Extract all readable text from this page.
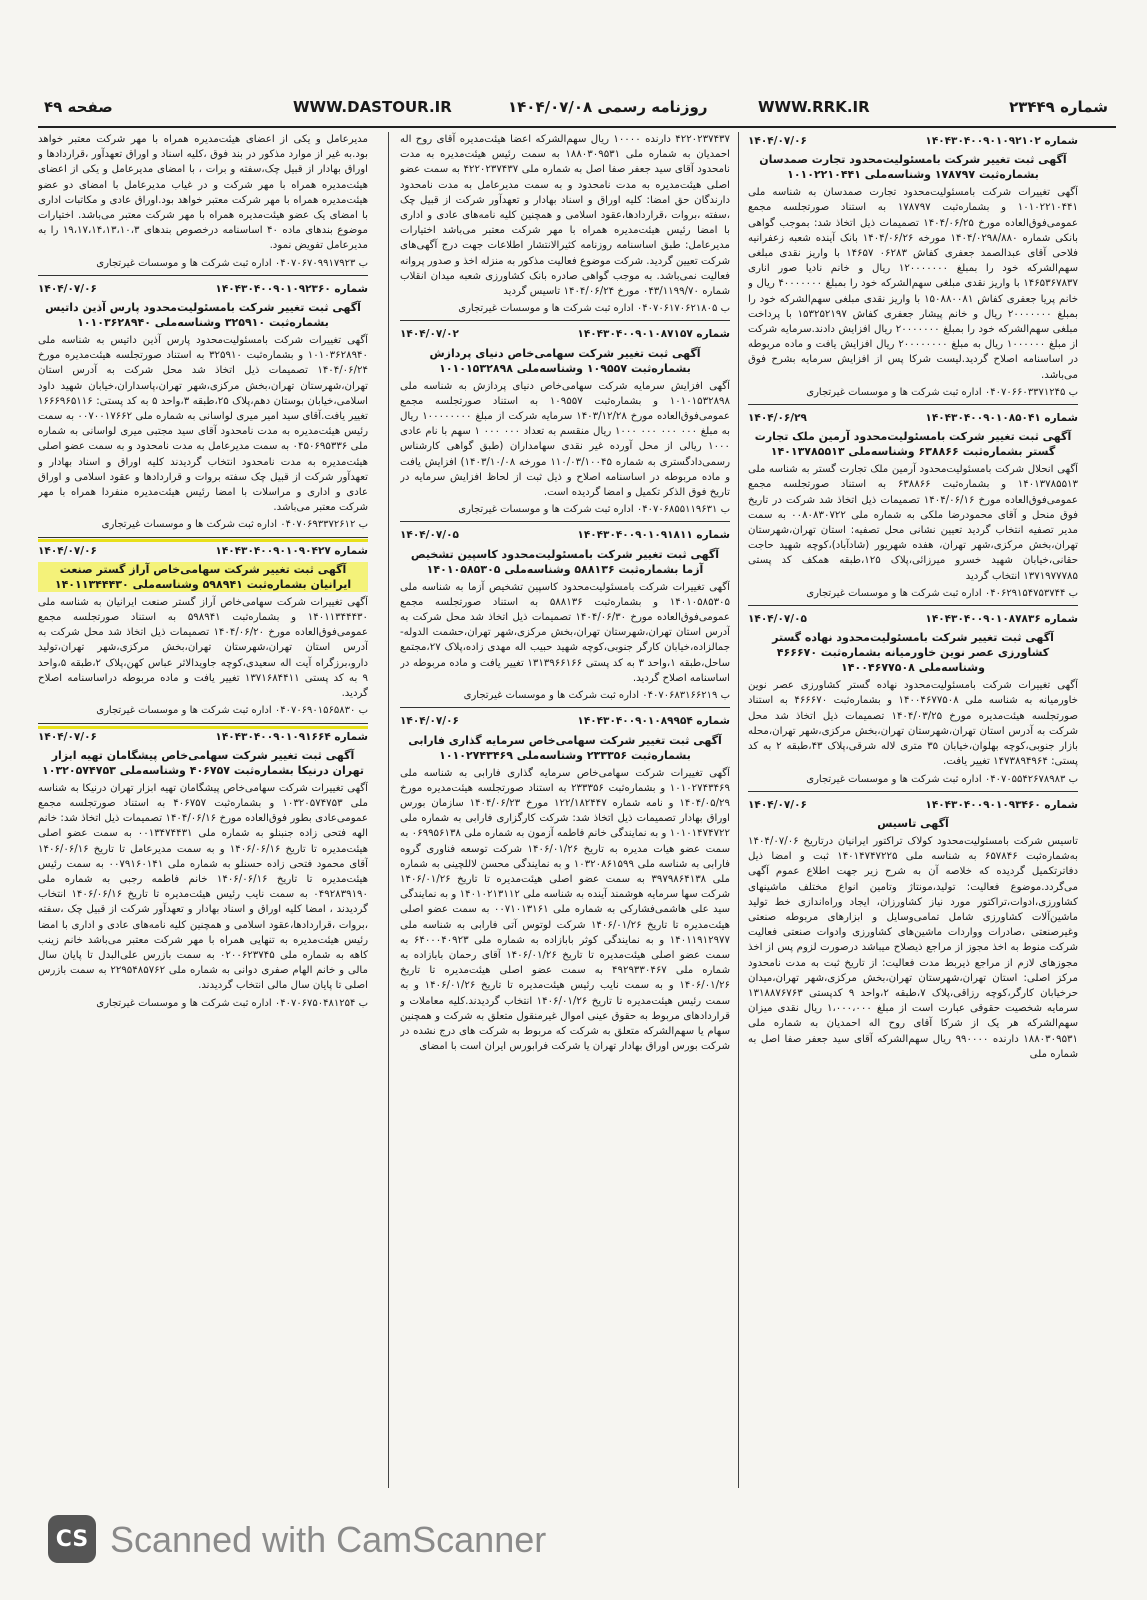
صفحه ۴۹	WWW.DASTOUR.IR	روزنامه رسمی ۱۴۰۴/۰۷/۰۸	WWW.RRK.IR	شماره ۲۳۴۴۹

مدیرعامل و یکی از اعضای هیئت‌مدیره همراه با مهر شرکت معتبر خواهد بود.به غیر از موارد مذکور در بند فوق ،کلیه اسناد و اوراق تعهدآور ،قراردادها و اوراق بهادار از قبیل چک،سفته و برات ، با امضای مدیرعامل و یکی از اعضای هیئت‌مدیره همراه با مهر شرکت و در غیاب مدیرعامل با امضای دو عضو هیئت‌مدیره همراه با مهر شرکت معتبر خواهد بود.اوراق عادی و مکاتبات اداری با امضای یک عضو هیئت‌مدیره همراه با مهر شرکت معتبر می‌باشد. اختیارات موضوع بندهای ماده ۴۰ اساسنامه درخصوص بندهای ۱۹،۱۷،۱۴،۱۳،۱۰،۳ را به مدیرعامل تفویض نمود.

ب ۰۴۰۷۰۶۷۰۹۹۱۷۹۲۳ اداره ثبت شرکت ها و موسسات غیرتجاری
شماره ۱۴۰۴۳۰۴۰۰۹۰۱۰۹۲۳۶۰
۱۴۰۴/۰۷/۰۶
آگهی ثبت تغییر شرکت بامسئولیت‌محدود پارس آذین داتیس بشماره‌ثبت ۳۲۵۹۱۰ وشناسه‌ملی ۱۰۱۰۳۶۲۸۹۴۰

آگهی تغییرات شرکت بامسئولیت‌محدود پارس آذین داتیس به شناسه ملی ۱۰۱۰۳۶۲۸۹۴۰ و بشماره‌ثبت ۳۲۵۹۱۰ به استناد صورتجلسه هیئت‌مدیره مورخ ۱۴۰۴/۰۶/۲۴ تصمیمات ذیل اتخاذ شد محل شرکت به آدرس استان تهران،شهرستان تهران،بخش مرکزی،شهر تهران،پاسداران،خیابان شهید داود اسلامی،خیابان بوستان دهم،پلاک ۲۵،طبقه ۳،واحد ۵ به کد پستی: ۱۶۶۶۹۶۵۱۱۶ تغییر یافت.آقای سید امیر میری لواسانی به شماره ملی ۰۰۷۰۰۱۷۶۶۲ به سمت رئیس هیئت‌مدیره به مدت نامحدود آقای سید مجتبی میری لواسانی به شماره ملی ۰۴۵۰۶۹۵۳۳۶ به سمت مدیرعامل به مدت نامحدود و به سمت عضو اصلی هیئت‌مدیره به مدت نامحدود انتخاب گردیدند کلیه اوراق و اسناد بهادار و تعهدآور شرکت از قبیل چک سفته بروات و قراردادها و عقود اسلامی و اوراق عادی و اداری و مراسلات با امضا رئیس هیئت‌مدیره منفردا همراه با مهر شرکت معتبر می‌باشد.

ب ۰۴۰۷۰۶۹۳۳۷۲۶۱۲ اداره ثبت شرکت ها و موسسات غیرتجاری
شماره ۱۴۰۴۳۰۴۰۰۹۰۱۰۹۰۴۲۷
۱۴۰۴/۰۷/۰۶
آگهی ثبت تغییر شرکت سهامی‌خاص آراز گستر صنعت ایرانیان بشماره‌ثبت ۵۹۸۹۴۱ وشناسه‌ملی ۱۴۰۱۱۳۴۴۴۳۰

آگهی تغییرات شرکت سهامی‌خاص آراز گستر صنعت ایرانیان به شناسه ملی ۱۴۰۱۱۳۴۴۴۳۰ و بشماره‌ثبت ۵۹۸۹۴۱ به استناد صورتجلسه مجمع عمومی‌فوق‌العاده مورخ ۱۴۰۴/۰۶/۲۰ تصمیمات ذیل اتخاذ شد محل شرکت به آدرس استان تهران،شهرستان تهران،بخش مرکزی،شهر تهران،تولید دارو،برزگراه آیت اله سعیدی،کوچه جاویدالاثر عباس کهن،پلاک ۲،طبقه ۵،واحد ۹ به کد پستی ۱۳۷۱۶۸۴۴۱۱ تغییر یافت و ماده مربوطه دراساسنامه اصلاح گردید.

ب ۰۴۰۷۰۶۹۰۱۵۶۵۸۳۰ اداره ثبت شرکت ها و موسسات غیرتجاری
شماره ۱۴۰۴۳۰۴۰۰۹۰۱۰۹۱۶۶۴
۱۴۰۴/۰۷/۰۶
آگهی ثبت تغییر شرکت سهامی‌خاص پیشگامان تهیه ابزار تهران درنیکا بشماره‌ثبت ۴۰۶۷۵۷ وشناسه‌ملی ۱۰۳۲۰۵۷۴۷۵۳

آگهی تغییرات شرکت سهامی‌خاص پیشگامان تهیه ابزار تهران درنیکا به شناسه ملی ۱۰۳۲۰۵۷۴۷۵۳ و بشماره‌ثبت ۴۰۶۷۵۷ به استناد صورتجلسه مجمع عمومی‌عادی بطور فوق‌العاده مورخ ۱۴۰۴/۰۶/۱۶ تصمیمات ذیل اتخاذ شد: خانم الهه فتحی زاده جنبنلو به شماره ملی ۰۰۱۳۴۷۴۴۳۱ به سمت عضو اصلی هیئت‌مدیره تا تاریخ ۱۴۰۶/۰۶/۱۶ و به سمت مدیرعامل تا تاریخ ۱۴۰۶/۰۶/۱۶ آقای محمود فتحی زاده حسنلو به شماره ملی ۰۰۷۹۱۶۰۱۴۱ به سمت رئیس هیئت‌مدیره تا تاریخ ۱۴۰۶/۰۶/۱۶ خانم فاطمه رجبی به شماره ملی ۰۴۹۲۸۳۹۱۹۰ به سمت نایب رئیس هیئت‌مدیره تا تاریخ ۱۴۰۶/۰۶/۱۶ انتخاب گردیدند ، امضا کلیه اوراق و اسناد بهادار و تعهدآور شرکت از قبیل چک ،سفته ،بروات ،قراردادها،عقود اسلامی و همچنین کلیه نامه‌های عادی و اداری با امضا رئیس هیئت‌مدیره به تنهایی همراه با مهر شرکت معتبر می‌باشد خانم زینب کاهه به شماره ملی ۰۲۰۰۶۲۳۷۴۵ به سمت بازرس علی‌البدل تا پایان سال مالی و خانم الهام صفری دوانی به شماره ملی ۲۲۹۵۴۸۵۷۶۲ به سمت بازرس اصلی تا پایان سال مالی انتخاب گردیدند.

ب ۰۴۰۷۰۶۷۵۰۴۸۱۲۵۴ اداره ثبت شرکت ها و موسسات غیرتجاری

۴۲۲۰۲۳۷۴۳۷ دارنده ۱۰۰۰۰ ریال سهم‌الشرکه اعضا هیئت‌مدیره آقای روح اله احمدیان به شماره ملی ۱۸۸۰۳۰۹۵۳۱ به سمت رئیس هیئت‌مدیره به مدت نامحدود آقای سید جعفر صفا اصل به شماره ملی ۴۲۲۰۲۳۷۴۳۷ به سمت عضو اصلی هیئت‌مدیره به مدت نامحدود و به سمت مدیرعامل به مدت نامحدود دارندگان حق امضا: کلیه اوراق و اسناد بهادار و تعهدآور شرکت از قبیل چک ،سفته ،بروات ،قراردادها،عقود اسلامی و همچنین کلیه نامه‌های عادی و اداری با امضا رئیس هیئت‌مدیره همراه با مهر شرکت معتبر می‌باشد اختیارات مدیرعامل: طبق اساسنامه روزنامه کثیرالانتشار اطلاعات جهت درج آگهی‌های شرکت تعیین گردید. شرکت موضوع فعالیت مذکور به منزله اخذ و صدور پروانه فعالیت نمی‌باشد. به موجب گواهی صادره بانک کشاورزی شعبه میدان انقلاب شماره ۰۴۳/۱۱۹۹/۷۰ مورخ ۱۴۰۴/۰۶/۲۴ تاسیس گردید

ب ۰۴۰۷۰۶۱۷۰۶۲۱۸۰۵ اداره ثبت شرکت ها و موسسات غیرتجاری
شماره ۱۴۰۴۳۰۴۰۰۹۰۱۰۸۷۱۵۷
۱۴۰۴/۰۷/۰۲
آگهی ثبت تغییر شرکت سهامی‌خاص دنیای پردازش بشماره‌ثبت ۱۰۹۵۵۷ وشناسه‌ملی ۱۰۱۰۱۵۳۲۸۹۸

آگهی افزایش سرمایه شرکت سهامی‌خاص دنیای پردازش به شناسه ملی ۱۰۱۰۱۵۳۲۸۹۸ و بشماره‌ثبت ۱۰۹۵۵۷ به استناد صورتجلسه مجمع عمومی‌فوق‌العاده مورخ ۱۴۰۳/۱۲/۲۸ سرمایه شرکت از مبلغ ۱۰۰۰۰۰۰۰۰ ریال به مبلغ ۰۰۰ ۰۰۰ ۰۰۰ ۱۰۰۰ ریال منقسم به تعداد ۰۰۰ ۰۰۰ ۱ سهم با نام عادی ۱۰۰۰ ریالی از محل آورده غیر نقدی سهامداران (طبق گواهی کارشناس رسمی‌دادگستری به شماره ۱۱۰/۰۳/۱۰۰۴۵ مورخه ۱۴۰۳/۱۰/۰۸) افزایش یافت و ماده مربوطه در اساسنامه اصلاح و ذیل ثبت از لحاظ افزایش سرمایه در تاریخ فوق الذکر تکمیل و امضا گردیده است.

ب ۰۴۰۷۰۶۸۵۵۱۱۹۶۳۱ اداره ثبت شرکت ها و موسسات غیرتجاری
شماره ۱۴۰۴۳۰۴۰۰۹۰۱۰۹۱۸۱۱
۱۴۰۴/۰۷/۰۵
آگهی ثبت تغییر شرکت بامسئولیت‌محدود کاسپین تشخیص آزما بشماره‌ثبت ۵۸۸۱۳۶ وشناسه‌ملی ۱۴۰۱۰۵۸۵۳۰۵

آگهی تغییرات شرکت بامسئولیت‌محدود کاسپین تشخیص آزما به شناسه ملی ۱۴۰۱۰۵۸۵۳۰۵ و بشماره‌ثبت ۵۸۸۱۳۶ به استناد صورتجلسه مجمع عمومی‌فوق‌العاده مورخ ۱۴۰۴/۰۶/۳۰ تصمیمات ذیل اتخاذ شد محل شرکت به آدرس استان تهران،شهرستان تهران،بخش مرکزی،شهر تهران،حشمت الدوله- جمالزاده،خیابان کارگر جنوبی،کوچه شهید حبیب اله مهدی زاده،پلاک ۲۷،مجتمع ساحل،طبقه ۱،واحد ۳ به کد پستی ۱۳۱۳۹۶۶۱۶۶ تغییر یافت و ماده مربوطه در اساسنامه اصلاح گردید.

ب ۰۴۰۷۰۶۸۳۱۶۶۲۱۹ اداره ثبت شرکت ها و موسسات غیرتجاری
شماره ۱۴۰۴۳۰۴۰۰۹۰۱۰۸۹۹۵۴
۱۴۰۴/۰۷/۰۶
آگهی ثبت تغییر شرکت سهامی‌خاص سرمایه گذاری فارابی بشماره‌ثبت ۲۳۳۳۵۶ وشناسه‌ملی ۱۰۱۰۲۷۴۳۴۶۹

آگهی تغییرات شرکت سهامی‌خاص سرمایه گذاری فارابی به شناسه ملی ۱۰۱۰۲۷۴۳۴۶۹ و بشماره‌ثبت ۲۳۳۳۵۶ به استناد صورتجلسه هیئت‌مدیره مورخ ۱۴۰۴/۰۵/۲۹ و نامه شماره ۱۲۲/۱۸۲۴۴۷ مورخ ۱۴۰۴/۰۶/۲۳ سازمان بورس اوراق بهادار تصمیمات ذیل اتخاذ شد: شرکت کارگزاری فارابی به شماره ملی ۱۰۱۰۱۴۷۴۷۲۲ و به نمایندگی خانم فاطمه آزمون به شماره ملی ۰۶۹۹۵۶۱۳۸ به سمت عضو هیات مدیره به تاریخ ۱۴۰۶/۰۱/۲۶ شرکت توسعه فناوری گروه فارابی به شناسه ملی ۱۰۳۲۰۸۶۱۵۹۹ و به نمایندگی محسن لاللچینی به شماره ملی ۳۹۷۹۸۶۴۱۳۸ به سمت عضو اصلی هیئت‌مدیره تا تاریخ ۱۴۰۶/۰۱/۲۶ شرکت سها سرمایه هوشمند آینده به شناسه ملی ۱۴۰۱۰۲۱۳۱۱۲ و به نمایندگی سید علی هاشمی‌فشارکی به شماره ملی ۰۰۷۱۰۱۳۱۶۱ به سمت عضو اصلی هیئت‌مدیره تا تاریخ ۱۴۰۶/۰۱/۲۶ شرکت لوتوس آتی فارابی به شناسه ملی ۱۴۰۱۱۹۱۲۹۷۷ و به نمایندگی کوثر بابازاده به شماره ملی ۶۴۰۰۰۴۰۹۲۳ به سمت عضو اصلی هیئت‌مدیره تا تاریخ ۱۴۰۶/۰۱/۲۶ آقای رحمان بابازاده به شماره ملی ۴۹۲۹۳۳۰۴۶۷ به سمت عضو اصلی هیئت‌مدیره تا تاریخ ۱۴۰۶/۰۱/۲۶ و به سمت نایب رئیس هیئت‌مدیره تا تاریخ ۱۴۰۶/۰۱/۲۶ و به سمت رئیس هیئت‌مدیره تا تاریخ ۱۴۰۶/۰۱/۲۶ انتخاب گردیدند.کلیه معاملات و قراردادهای مربوط به حقوق عینی اموال غیرمنقول متعلق به شرکت و همچنین سهام یا سهم‌الشرکه متعلق به شرکت که مربوط به شرکت های درج نشده در شرکت بورس اوراق بهادار تهران یا شرکت فرابورس ایران است با امضای

شماره ۱۴۰۴۳۰۴۰۰۹۰۱۰۹۲۱۰۲
۱۴۰۴/۰۷/۰۶
آگهی ثبت تغییر شرکت بامسئولیت‌محدود تجارت صمدسان بشماره‌ثبت ۱۷۸۷۹۷ وشناسه‌ملی ۱۰۱۰۲۲۱۰۴۴۱

آگهی تغییرات شرکت بامسئولیت‌محدود تجارت صمدسان به شناسه ملی ۱۰۱۰۲۲۱۰۴۴۱ و بشماره‌ثبت ۱۷۸۷۹۷ به استناد صورتجلسه مجمع عمومی‌فوق‌العاده مورخ ۱۴۰۴/۰۶/۲۵ تصمیمات ذیل اتخاذ شد: بموجب گواهی بانکی شماره ۱۴۰۴/۰۲۹۸/۸۸۰ مورخه ۱۴۰۴/۰۶/۲۶ بانک آینده شعبه زعفرانیه فلاحی آقای عبدالصمد جعفری کفاش ۰۶۲۸۳ ۱۴۶۵۷ با واریز نقدی مبلغی سهم‌الشرکه خود را بمبلغ ۱۲۰۰۰۰۰۰۰ ریال و خانم نادیا صور اناری ۱۴۶۵۳۶۷۸۳۷ با واریز نقدی مبلغی سهم‌الشرکه خود را بمبلغ ۴۰۰۰۰۰۰۰ ریال و خانم پریا جعفری کفاش ۱۵۰۸۸۰۰۸۱ با واریز نقدی مبلغی سهم‌الشرکه خود را بمبلغ ۲۰۰۰۰۰۰۰ ریال و خانم پیشار جعفری کفاش ۱۵۳۲۵۲۱۹۷ با پرداخت مبلغی سهم‌الشرکه خود را بمبلغ ۲۰۰۰۰۰۰۰ ریال افزایش دادند.سرمایه شرکت از مبلغ ۱۰۰۰۰۰۰ ریال به مبلغ ۲۰۰۰۰۰۰۰۰ ریال افزایش یافت و ماده مربوطه در اساسنامه اصلاح گردید.لیست شرکا پس از افزایش سرمایه بشرح فوق می‌باشد.

ب ۰۴۰۷۰۶۶۰۳۳۷۱۲۴۵ اداره ثبت شرکت ها و موسسات غیرتجاری
شماره ۱۴۰۴۳۰۴۰۰۹۰۱۰۸۵۰۴۱
۱۴۰۴/۰۶/۲۹
آگهی ثبت تغییر شرکت بامسئولیت‌محدود آرمین ملک تجارت گستر بشماره‌ثبت ۶۳۸۸۶۶ وشناسه‌ملی ۱۴۰۱۳۷۸۵۵۱۳

آگهی انحلال شرکت بامسئولیت‌محدود آرمین ملک تجارت گستر به شناسه ملی ۱۴۰۱۳۷۸۵۵۱۳ و بشماره‌ثبت ۶۳۸۸۶۶ به استناد صورتجلسه مجمع عمومی‌فوق‌العاده مورخ ۱۴۰۴/۰۶/۱۶ تصمیمات ذیل اتخاذ شد شرکت در تاریخ فوق منحل و آقای محمودرضا ملکی به شماره ملی ۰۰۸۰۸۳۰۷۲۲ به سمت مدیر تصفیه انتخاب گردید تعیین نشانی محل تصفیه: استان تهران،شهرستان تهران،بخش مرکزی،شهر تهران، هفده شهریور (شادآباد)،کوچه شهید حاجت حقانی،خیابان شهید خسرو میرزائی،پلاک ۱۲۵،طبقه همکف کد پستی ۱۳۷۱۹۷۷۷۸۵ انتخاب گردید

ب ۰۴۰۶۲۹۱۵۴۷۵۳۷۴۴ اداره ثبت شرکت ها و موسسات غیرتجاری
شماره ۱۴۰۴۳۰۴۰۰۹۰۱۰۸۷۸۳۶
۱۴۰۴/۰۷/۰۵
آگهی ثبت تغییر شرکت بامسئولیت‌محدود نهاده گستر کشاورزی عصر نوین خاورمیانه بشماره‌ثبت ۴۶۶۶۷۰ وشناسه‌ملی ۱۴۰۰۴۶۷۷۵۰۸

آگهی تغییرات شرکت بامسئولیت‌محدود نهاده گستر کشاورزی عصر نوین خاورمیانه به شناسه ملی ۱۴۰۰۴۶۷۷۵۰۸ و بشماره‌ثبت ۴۶۶۶۷۰ به استناد صورتجلسه هیئت‌مدیره مورخ ۱۴۰۴/۰۳/۲۵ تصمیمات ذیل اتخاذ شد محل شرکت به آدرس استان تهران،شهرستان تهران،بخش مرکزی،شهر تهران،محله بازار جنوبی،کوچه بهلوان،خیابان ۳۵ متری لاله شرقی،پلاک ۴۳،طبقه ۲ به کد پستی: ۱۴۷۳۸۹۴۹۶۴ تغییر یافت.

ب ۰۴۰۷۰۵۵۴۲۶۷۸۹۸۳ اداره ثبت شرکت ها و موسسات غیرتجاری
شماره ۱۴۰۴۳۰۴۰۰۹۰۱۰۹۳۴۶۰
۱۴۰۴/۰۷/۰۶
آگهی تاسیس

تاسیس شرکت بامسئولیت‌محدود کولاک تراکتور ایرانیان درتاریخ ۱۴۰۴/۰۷/۰۶ به‌شماره‌ثبت ۶۵۷۸۴۶ به شناسه ملی ۱۴۰۱۴۷۴۷۲۲۵ ثبت و امضا ذیل دفاترتکمیل گردیده که خلاصه آن به شرح زیر جهت اطلاع عموم آگهی می‌گردد.موضوع فعالیت: تولید،مونتاژ وتامین انواع مختلف ماشینهای کشاورزی،ادوات،تراکتور مورد نیاز کشاورزان، ایجاد وراه‌اندازی خط تولید ماشین‌آلات کشاورزی شامل تمامی‌وسایل و ابزارهای مربوطه صنعتی وغیرصنعتی ،صادرات وواردات ماشین‌های کشاورزی وادوات صنعتی فعالیت شرکت منوط به اخذ مجوز از مراجع ذیصلاح میباشد درصورت لزوم پس از اخذ مجوزهای لازم از مراجع ذیربط مدت فعالیت: از تاریخ ثبت به مدت نامحدود مرکز اصلی: استان تهران،شهرستان تهران،بخش مرکزی،شهر تهران،میدان حرخیابان کارگر،کوچه رزاقی،پلاک ۷،طبقه ۲،واحد ۹ کدپستی ۱۳۱۸۸۷۶۷۶۳ سرمایه شخصیت حقوقی عبارت است از مبلغ ۱،۰۰۰،۰۰۰ ریال نقدی میزان سهم‌الشرکه هر یک از شرکا آقای روح اله احمدیان به شماره ملی ۱۸۸۰۳۰۹۵۳۱ دارنده ۹۹۰۰۰۰ ریال سهم‌الشرکه آقای سید جعفر صفا اصل به شماره ملی

CS Scanned with CamScanner
